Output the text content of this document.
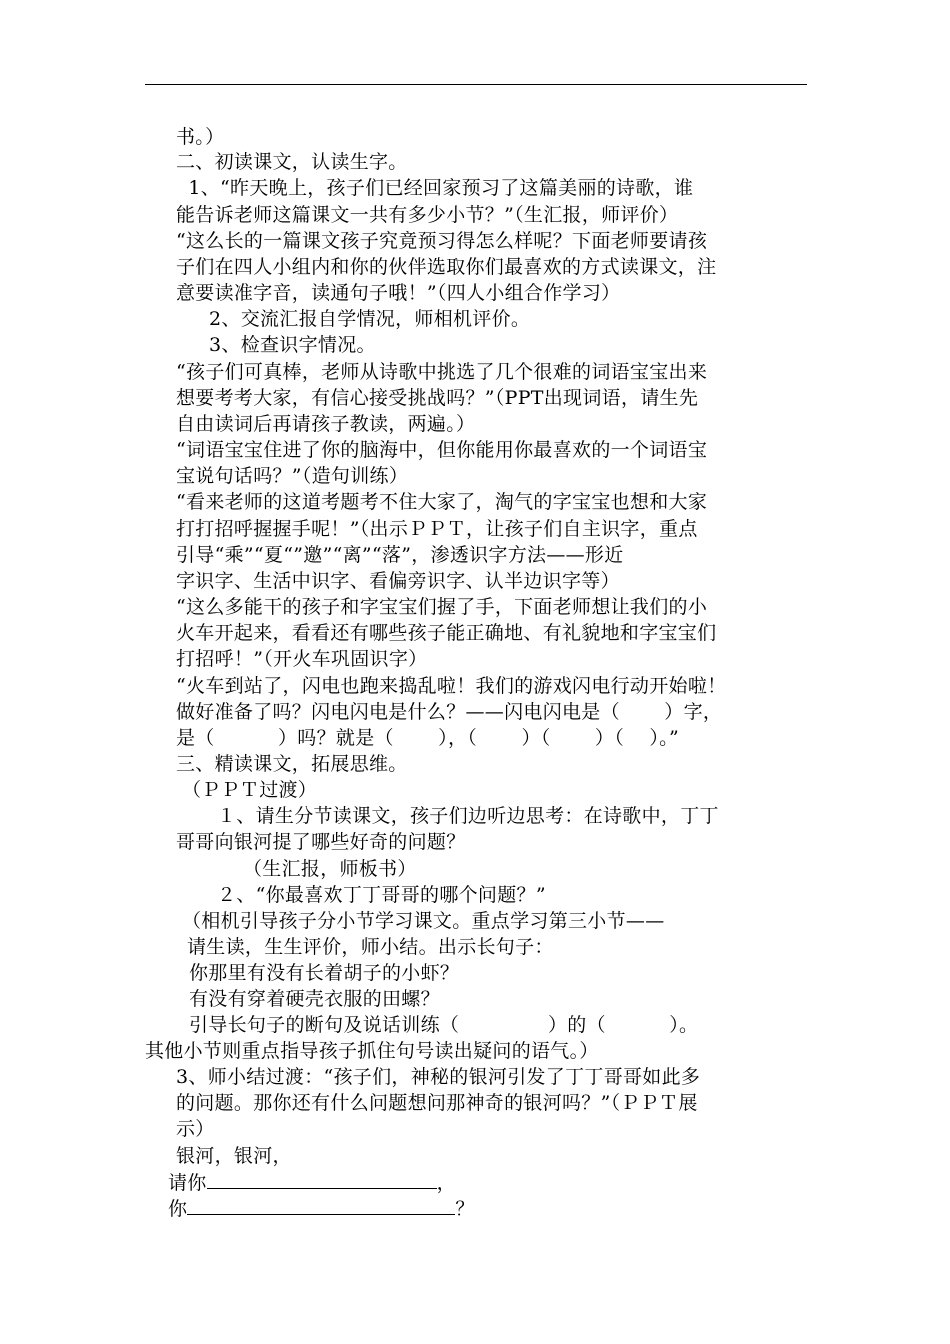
书。）
二、初读课文，认读生字。
1、“昨天晚上，孩子们已经回家预习了这篇美丽的诗歌，谁
能告诉老师这篇课文一共有多少小节？”（生汇报，师评价）
“这么长的一篇课文孩子究竟预习得怎么样呢？下面老师要请孩
子们在四人小组内和你的伙伴选取你们最喜欢的方式读课文，注
意要读准字音，读通句子哦！”（四人小组合作学习）
2、交流汇报自学情况，师相机评价。
3、检查识字情况。
“孩子们可真棒，老师从诗歌中挑选了几个很难的词语宝宝出来
想要考考大家，有信心接受挑战吗？”（PPT出现词语，请生先
自由读词后再请孩子教读，两遍。）
“词语宝宝住进了你的脑海中，但你能用你最喜欢的一个词语宝
宝说句话吗？”（造句训练）
“看来老师的这道考题考不住大家了，淘气的字宝宝也想和大家
打打招呼握握手呢！”（出示ＰＰＴ，让孩子们自主识字，重点
引导“乘”“夏“”邀”“离”“落”，渗透识字方法——形近
字识字、生活中识字、看偏旁识字、认半边识字等）
“这么多能干的孩子和字宝宝们握了手，下面老师想让我们的小
火车开起来，看看还有哪些孩子能正确地、有礼貌地和字宝宝们
打招呼！”（开火车巩固识字）
“火车到站了，闪电也跑来捣乱啦！我们的游戏闪电行动开始啦！
做好准备了吗？闪电闪电是什么？——闪电闪电是（       ）字，
是（          ）吗？就是（       ），（       ）（       ）（    ）。”
三、精读课文，拓展思维。
（ＰＰＴ过渡）
１、请生分节读课文，孩子们边听边思考：在诗歌中，丁丁
哥哥向银河提了哪些好奇的问题？
（生汇报，师板书）
２、“你最喜欢丁丁哥哥的哪个问题？”
（相机引导孩子分小节学习课文。重点学习第三小节——
请生读，生生评价，师小结。出示长句子：
你那里有没有长着胡子的小虾？
有没有穿着硬壳衣服的田螺？
引导长句子的断句及说话训练（              ）的（          ）。
其他小节则重点指导孩子抓住句号读出疑问的语气。）
3、师小结过渡：“孩子们，神秘的银河引发了丁丁哥哥如此多
的问题。那你还有什么问题想问那神奇的银河吗？”（ＰＰＴ展
示）
银河，银河，
请你	，
你	？
